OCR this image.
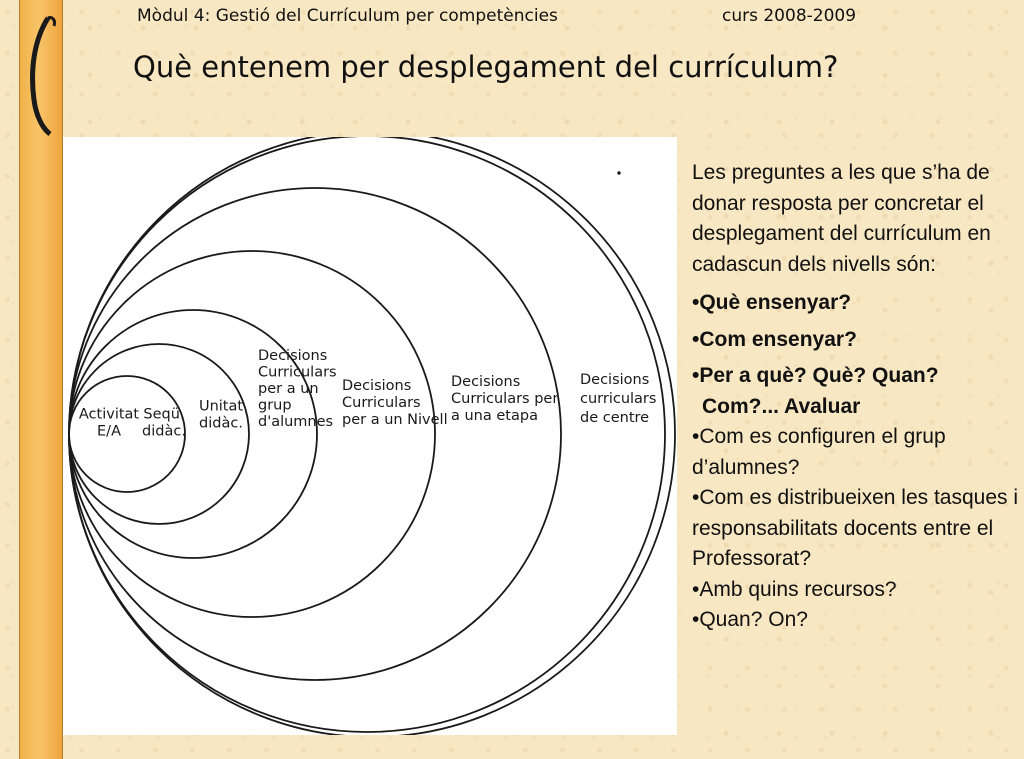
Mòdul 4: Gestió del Currículum per competències	curs 2008-2009
Què entenem per desplegament del currículum?
Activitat E/A
Seqü. didàc.
Unitat didàc.
Decisions Curriculars per a un grup d'alumnes
Decisions Curriculars per a un Nivell
Decisions Curriculars per a una etapa
Decisions curriculars de centre

Les preguntes a les que s’ha de donar resposta per concretar el desplegament del currículum en cadascun dels nivells són:

•Què ensenyar?

•Com ensenyar?

•Per a què? Què? Quan?

Com?... Avaluar

•Com es configuren el grup d’alumnes?

•Com es distribueixen les tasques i responsabilitats docents entre el Professorat?

•Amb quins recursos?

•Quan? On?
